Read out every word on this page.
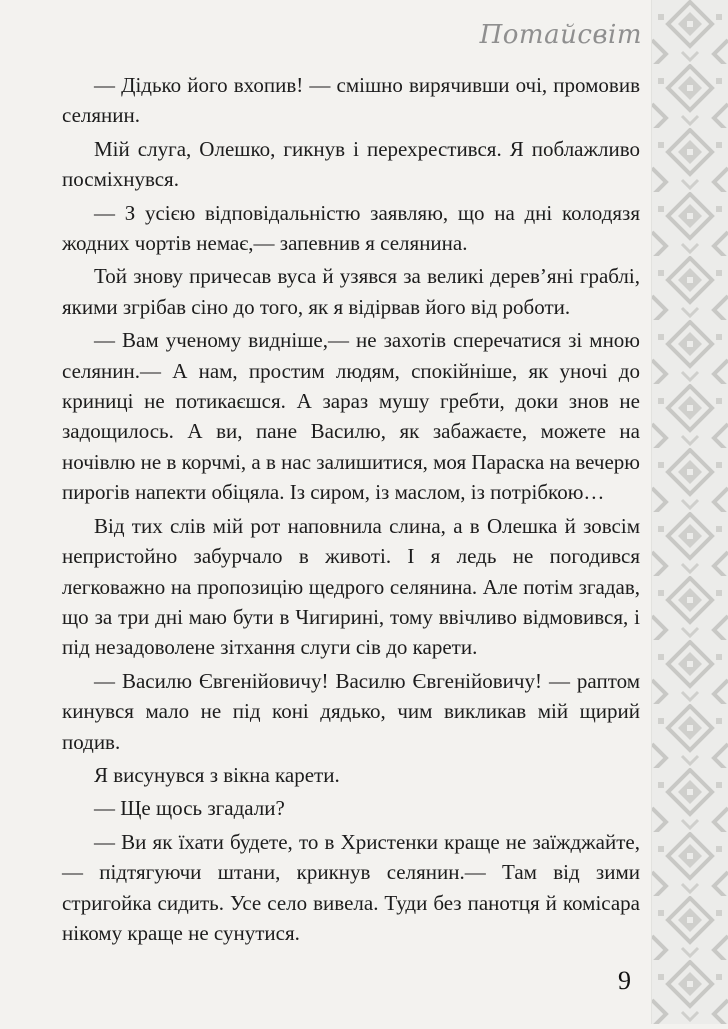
Потайсвіт

— Дідько його вхопив! — смішно вирячивши очі, промовив селянин.

Мій слуга, Олешко, гикнув і перехрестився. Я поблажливо посміхнувся.

— З усією відповідальністю заявляю, що на дні колодязя жодних чортів немає,— запевнив я селянина.

Той знову причесав вуса й узявся за великі дерев’яні граблі, якими згрібав сіно до того, як я відірвав його від роботи.

— Вам ученому видніше,— не захотів сперечатися зі мною селянин.— А нам, простим людям, спокійніше, як уночі до криниці не потикаєшся. А зараз мушу гребти, доки знов не задощилось. А ви, пане Василю, як забажаєте, можете на ночівлю не в корчмі, а в нас залишитися, моя Параска на вечерю пирогів напекти обіцяла. Із сиром, із маслом, із потрібкою…

Від тих слів мій рот наповнила слина, а в Олешка й зовсім непристойно забурчало в животі. І я ледь не погодився легковажно на пропозицію щедрого селянина. Але потім згадав, що за три дні маю бути в Чигирині, тому ввічливо відмовився, і під незадоволене зітхання слуги сів до карети.

— Василю Євгенійовичу! Василю Євгенійовичу! — раптом кинувся мало не під коні дядько, чим викликав мій щирий подив.

Я висунувся з вікна карети.

— Ще щось згадали?

— Ви як їхати будете, то в Христенки краще не заїжджайте,— підтягуючи штани, крикнув селянин.— Там від зими стригойка сидить. Усе село вивела. Туди без панотця й комісара нікому краще не сунутися.

9
